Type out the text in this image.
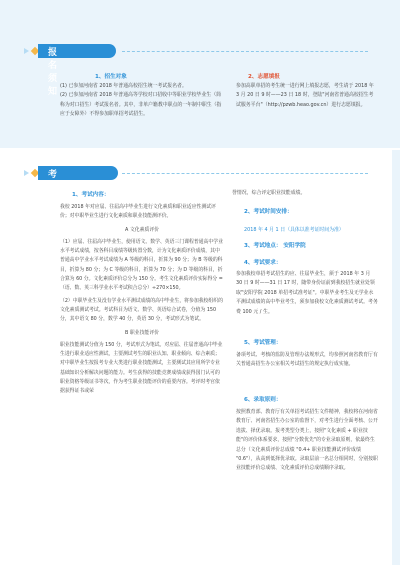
报名须知
1、招生对象

(1) 已参加河南省 2018 年普通高校招生统一考试报名者。

(2) 已参加河南省 2018 年普通高等学校对口招收中等职业学校毕业生（简称为对口招生）考试报名者。其中，非单户籍教中职点的一年制中职生（指应于女障外）不得参加职单招考试招生。

2、志愿填报

参加高职单招的考生统一进行网上填报志愿，考生请于 2018 年 3 月 20 日 9 时——23 日 18 时，登陆"河南省普通高校招生考试服务平台"（http://pzwb.heao.gov.cn）进行志愿填报。

考试与录取
1、考试内容：

我校 2018 年对应届、往届高中毕业生进行文化素质和职业适应性测试评价；对中职毕业生进行文化素质和职业技能测评价。

A 文化素质评价

（1）应届、往届高中毕业生，使用语文、数学、英语三门课程普通高中学业水平考试成绩，按各科目成绩等级转置分数，计为文化素质评价成绩，其中普通高中学业水平考试成绩为 A 等级的科目，折算为 90 分；为 B 等级的科目，折算为 80 分；为 C 等级的科目，折算为 70 分；为 D 等级的科目，折合算为 60 分。文化素质评价总分为 150 分。考生文化素质评价实际得分 =（语、数、英三科学业水平考试积合总分）÷270×150。

（2）中职毕业生及没有学业水平测试成绩的高中毕业生，将参加我校组织的文化素质测试考试。考试科目为语文、数学、英语综合试卷，分值为 150 分，其中语文 80 分，数学 40 分，英语 30 分，考试形式为笔试。

B 职业技能评价

职业技能测试分值为 150 分，考试形式为笔试。对应届、往届普通高中毕业生进行职业适应性测试，主要测试考生的职业认知、职业倾向、综合素质；对中职毕业生按报考专业大类进行职业技能测试，主要测试其应用所学专业基础知识分析解决问题的能力。考生获得的技能竞赛成绩或获得国门认可的职业资格等级证书等次，作为考生职业技能评价的重要内容。考评时考官依据获得证书或荣

誉情况，综合评定职业技能成绩。
2、考试时间安排：
2018 年 4 月 1 日（具体以准考证时间为准）
3、考试地点： 安阳学院
4、考试要求：
参加我校单招考试招生的应、往届毕业生，须于 2018 年 3 月 30 日 9 时——31 日 17 时，随带身份证前到我校招生就业处领取"安阳学院 2018 单招考试准考证"。中职毕业考生及无学业水平测试成绩的高中毕业考生，须参加我校文化素质测试考试。考务费 100 元 / 生。
5、考试管理：
备项考试、考核的监防及管理办法规形式，均参照河南省教育厅有关普通高招生办公室相关考试招生的规定执行成实施。
6、录取原则：
按照教育部、教育厅有关单招考试招生文件精神，我校将在河南省教育厅、河南省招生办公室的监督下，对考生进行全面考核、公开选拔、择优录取。报考类型分类上，按照"文化素质 + 职业技能"的评价体系要求，按照"分数优先"的专业录取原则，依最终生总分（文化素质评价总成绩 "0.4+ 职业技能测试评价成绩 "0.6"），从高到低择优录取。录取层前一名总分相同时，分别按职业技能评价总成绩、文化素质评价总成绩顺序录取。
